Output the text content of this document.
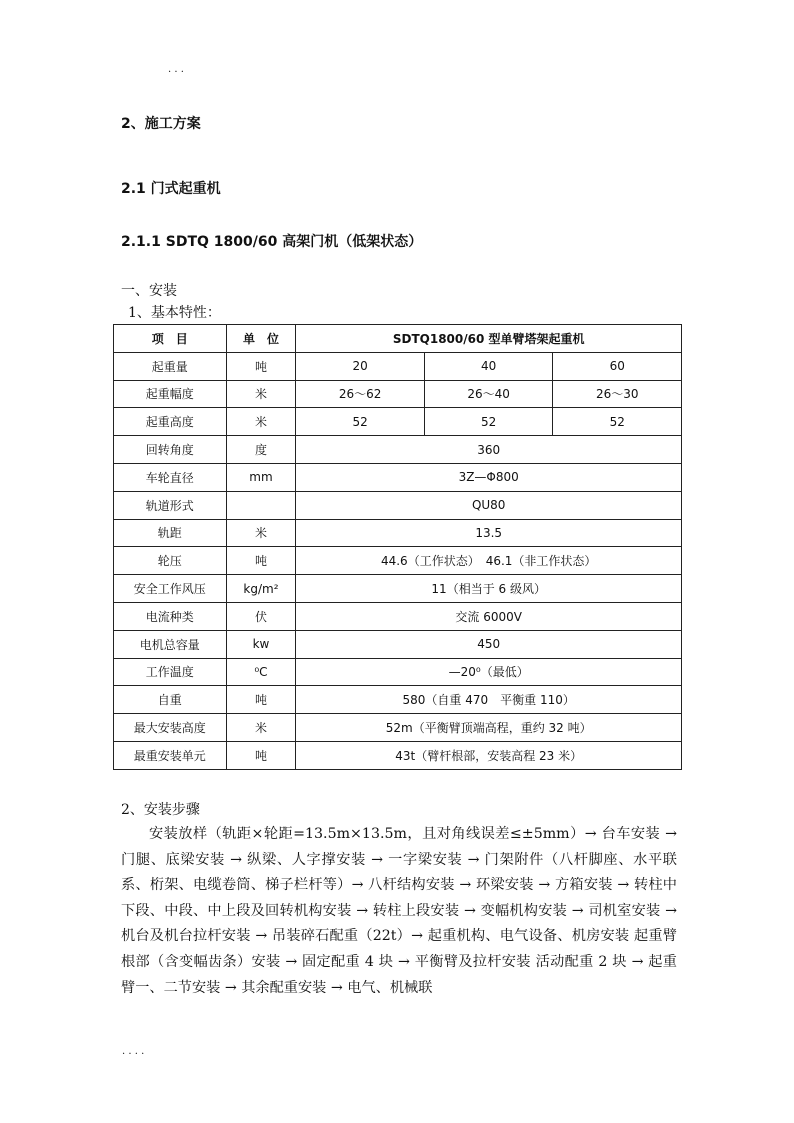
. . .
. . . .
2、施工方案
2.1 门式起重机
2.1.1 SDTQ 1800/60 高架门机（低架状态）
一、安装
1、基本特性：
项　目	单　位	SDTQ1800/60 型单臂塔架起重机		
起重量	吨	20	40	60
起重幅度	米	26～62	26～40	26～30
起重高度	米	52	52	52
回转角度	度	360		
车轮直径	mm	3Z—Φ800		
轨道形式		QU80		
轨距	米	13.5		
轮压	吨	44.6（工作状态）　46.1（非工作状态）		
安全工作风压	kg/m²	11（相当于 6 级风）		
电流种类	伏	交流 6000V		
电机总容量	kw	450		
工作温度	⁰C	—20⁰（最低）		
自重	吨	580（自重 470　平衡重 110）		
最大安装高度	米	52m（平衡臂顶端高程，重约 32 吨）		
最重安装单元	吨	43t（臂杆根部，安装高程 23 米）		
2、安装步骤
安装放样（轨距×轮距=13.5m×13.5m，且对角线误差≤±5mm）→ 台车安装 → 门腿、底梁安装 → 纵梁、人字撑安装 → 一字梁安装 → 门架附件（八杆脚座、水平联系、桁架、电缆卷筒、梯子栏杆等）→ 八杆结构安装 → 环梁安装 → 方箱安装 → 转柱中下段、中段、中上段及回转机构安装 → 转柱上段安装 → 变幅机构安装 → 司机室安装 → 机台及机台拉杆安装 → 吊装碎石配重（22t）→ 起重机构、电气设备、机房安装 起重臂根部（含变幅齿条）安装 → 固定配重 4 块 → 平衡臂及拉杆安装 活动配重 2 块 → 起重臂一、二节安装 → 其余配重安装 → 电气、机械联
